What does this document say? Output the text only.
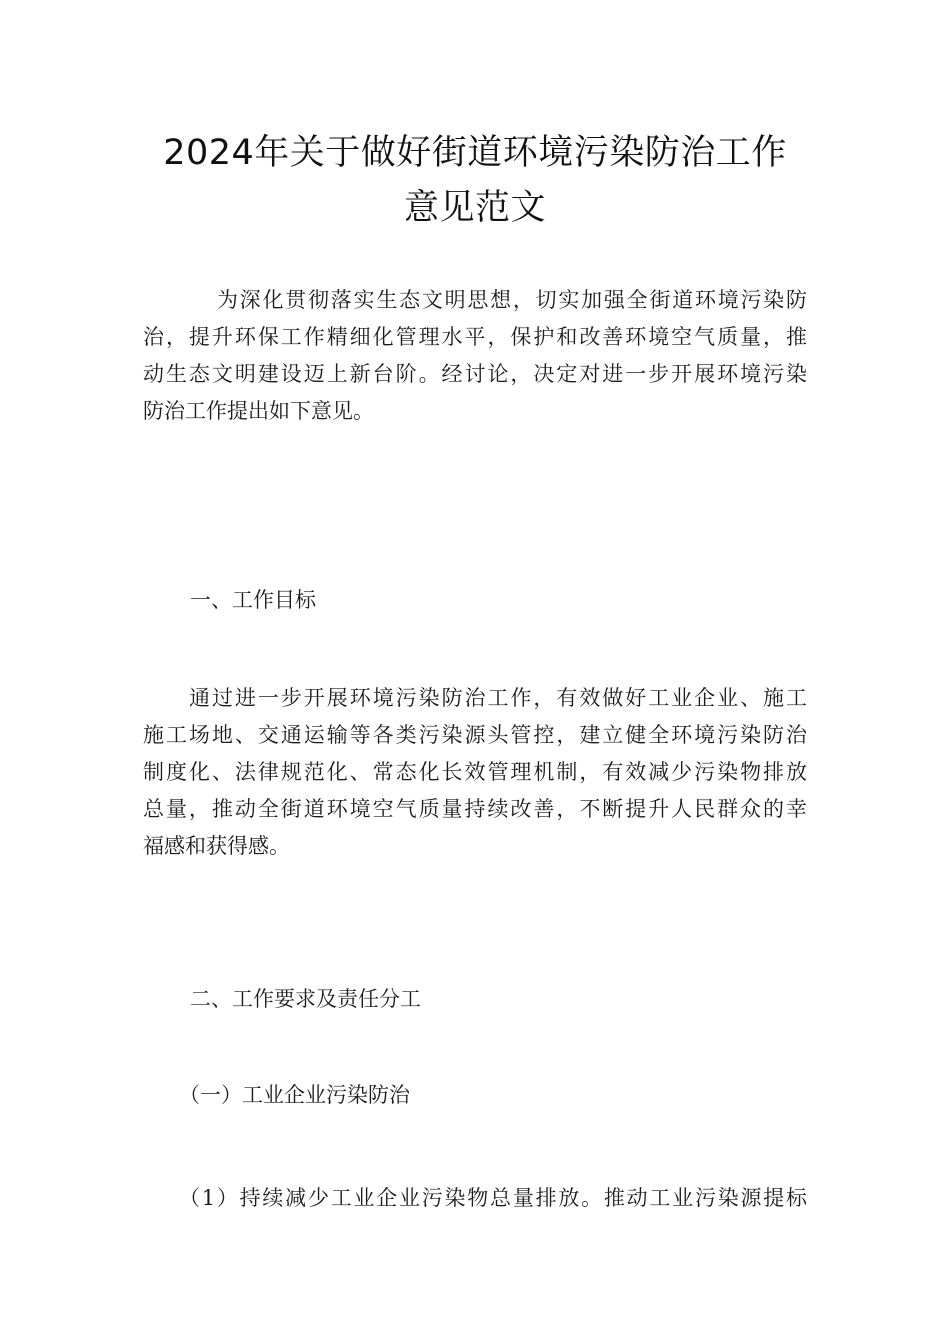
2024年关于做好街道环境污染防治工作
意见范文
为深化贯彻落实生态文明思想，切实加强全街道环境污染防
治，提升环保工作精细化管理水平，保护和改善环境空气质量，推
动生态文明建设迈上新台阶。经讨论，决定对进一步开展环境污染
防治工作提出如下意见。
一、工作目标
通过进一步开展环境污染防治工作，有效做好工业企业、施工
施工场地、交通运输等各类污染源头管控，建立健全环境污染防治
制度化、法律规范化、常态化长效管理机制，有效减少污染物排放
总量，推动全街道环境空气质量持续改善，不断提升人民群众的幸
福感和获得感。
二、工作要求及责任分工
（一）工业企业污染防治
（1）持续减少工业企业污染物总量排放。推动工业污染源提标
